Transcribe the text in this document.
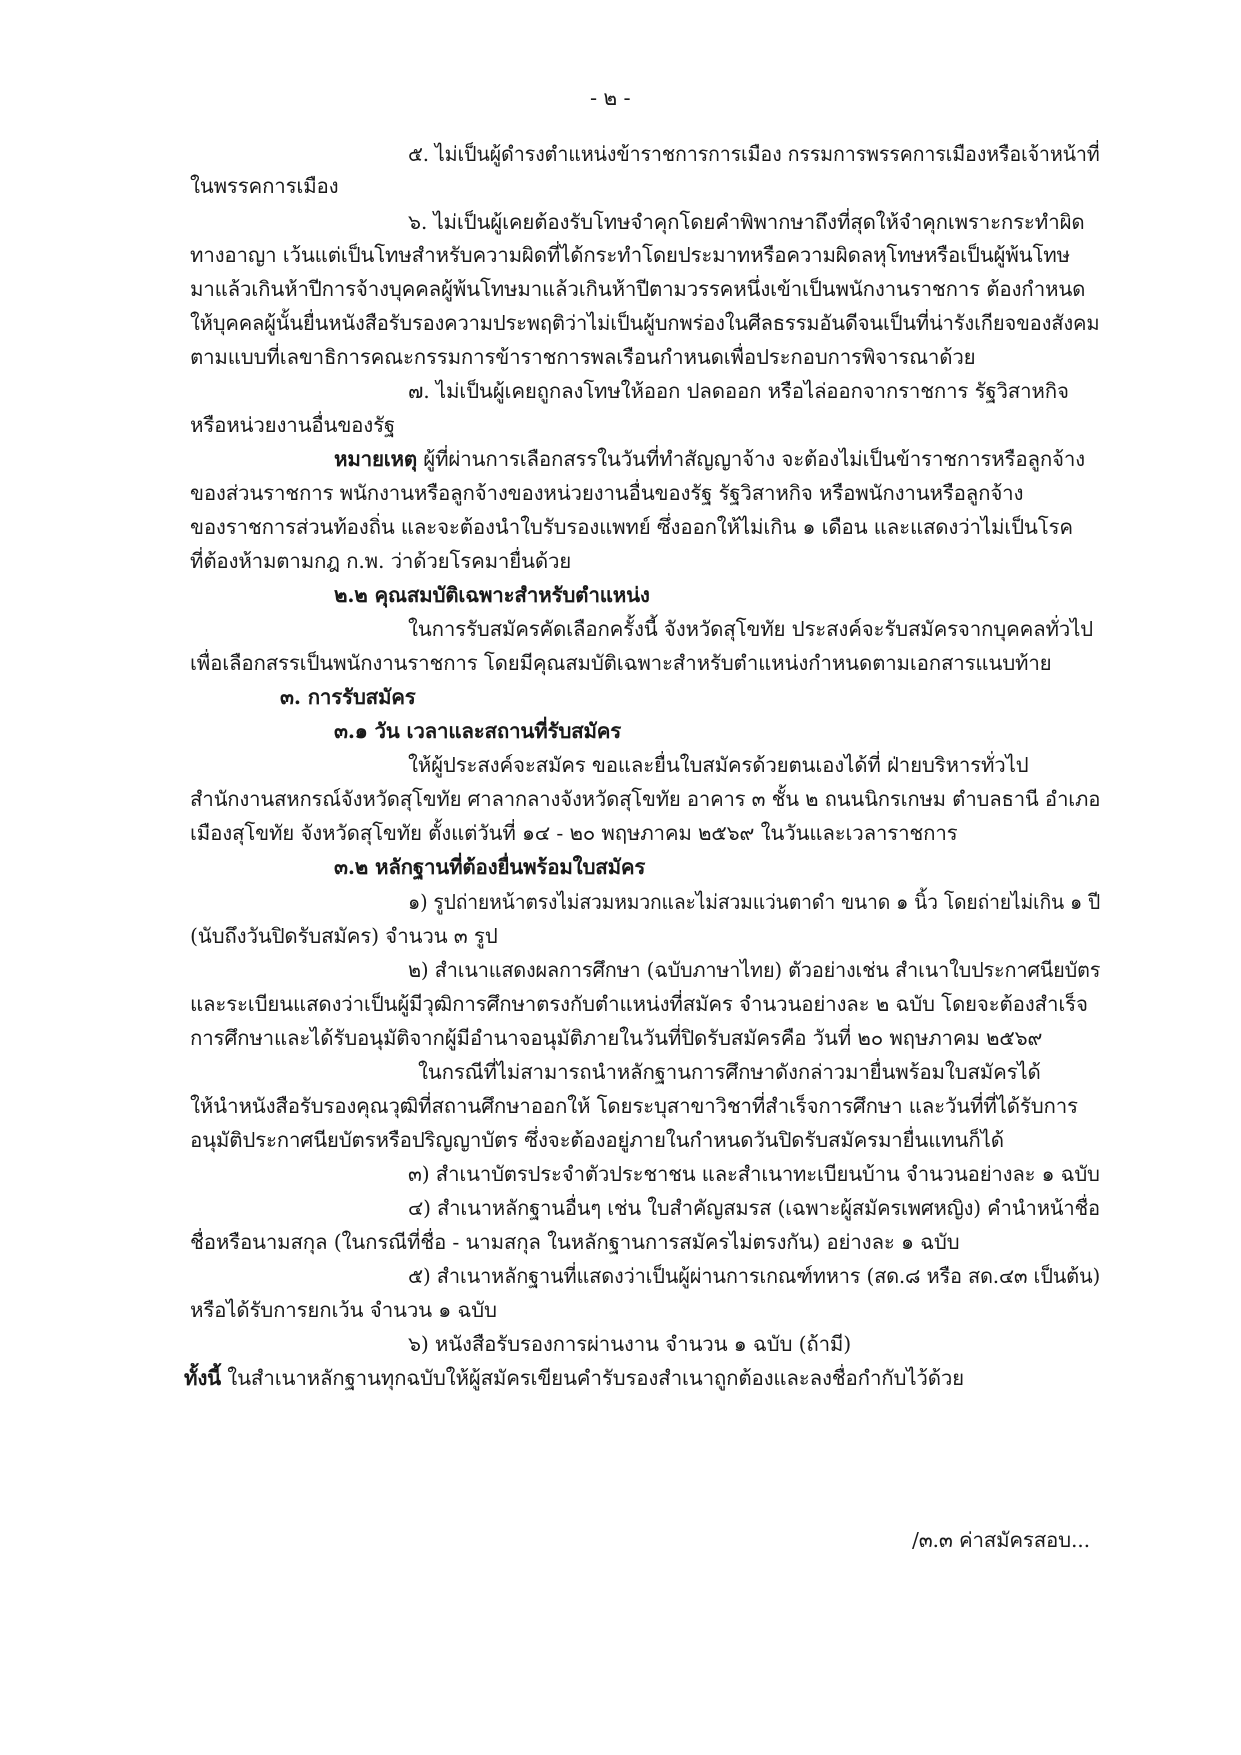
- ๒ -
๕. ไม่เป็นผู้ดำรงตำแหน่งข้าราชการการเมือง กรรมการพรรคการเมืองหรือเจ้าหน้าที่
ในพรรคการเมือง
๖. ไม่เป็นผู้เคยต้องรับโทษจำคุกโดยคำพิพากษาถึงที่สุดให้จำคุกเพราะกระทำผิด
ทางอาญา เว้นแต่เป็นโทษสำหรับความผิดที่ได้กระทำโดยประมาทหรือความผิดลหุโทษหรือเป็นผู้พ้นโทษ
มาแล้วเกินห้าปีการจ้างบุคคลผู้พ้นโทษมาแล้วเกินห้าปีตามวรรคหนึ่งเข้าเป็นพนักงานราชการ ต้องกำหนด
ให้บุคคลผู้นั้นยื่นหนังสือรับรองความประพฤติว่าไม่เป็นผู้บกพร่องในศีลธรรมอันดีจนเป็นที่น่ารังเกียจของสังคม
ตามแบบที่เลขาธิการคณะกรรมการข้าราชการพลเรือนกำหนดเพื่อประกอบการพิจารณาด้วย
๗. ไม่เป็นผู้เคยถูกลงโทษให้ออก ปลดออก หรือไล่ออกจากราชการ รัฐวิสาหกิจ
หรือหน่วยงานอื่นของรัฐ
หมายเหตุ ผู้ที่ผ่านการเลือกสรรในวันที่ทำสัญญาจ้าง จะต้องไม่เป็นข้าราชการหรือลูกจ้าง
ของส่วนราชการ พนักงานหรือลูกจ้างของหน่วยงานอื่นของรัฐ รัฐวิสาหกิจ หรือพนักงานหรือลูกจ้าง
ของราชการส่วนท้องถิ่น และจะต้องนำใบรับรองแพทย์ ซึ่งออกให้ไม่เกิน ๑ เดือน และแสดงว่าไม่เป็นโรค
ที่ต้องห้ามตามกฎ ก.พ. ว่าด้วยโรคมายื่นด้วย
๒.๒ คุณสมบัติเฉพาะสำหรับตำแหน่ง
ในการรับสมัครคัดเลือกครั้งนี้ จังหวัดสุโขทัย ประสงค์จะรับสมัครจากบุคคลทั่วไป
เพื่อเลือกสรรเป็นพนักงานราชการ โดยมีคุณสมบัติเฉพาะสำหรับตำแหน่งกำหนดตามเอกสารแนบท้าย
๓. การรับสมัคร
๓.๑ วัน เวลาและสถานที่รับสมัคร
ให้ผู้ประสงค์จะสมัคร ขอและยื่นใบสมัครด้วยตนเองได้ที่ ฝ่ายบริหารทั่วไป
สำนักงานสหกรณ์จังหวัดสุโขทัย ศาลากลางจังหวัดสุโขทัย อาคาร ๓ ชั้น ๒ ถนนนิกรเกษม ตำบลธานี อำเภอ
เมืองสุโขทัย จังหวัดสุโขทัย ตั้งแต่วันที่ ๑๔ - ๒๐ พฤษภาคม ๒๕๖๙ ในวันและเวลาราชการ
๓.๒ หลักฐานที่ต้องยื่นพร้อมใบสมัคร
๑) รูปถ่ายหน้าตรงไม่สวมหมวกและไม่สวมแว่นตาดำ ขนาด ๑ นิ้ว โดยถ่ายไม่เกิน ๑ ปี
(นับถึงวันปิดรับสมัคร) จำนวน ๓ รูป
๒) สำเนาแสดงผลการศึกษา (ฉบับภาษาไทย) ตัวอย่างเช่น สำเนาใบประกาศนียบัตร
และระเบียนแสดงว่าเป็นผู้มีวุฒิการศึกษาตรงกับตำแหน่งที่สมัคร จำนวนอย่างละ ๒ ฉบับ โดยจะต้องสำเร็จ
การศึกษาและได้รับอนุมัติจากผู้มีอำนาจอนุมัติภายในวันที่ปิดรับสมัครคือ วันที่ ๒๐ พฤษภาคม ๒๕๖๙
ในกรณีที่ไม่สามารถนำหลักฐานการศึกษาดังกล่าวมายื่นพร้อมใบสมัครได้
ให้นำหนังสือรับรองคุณวุฒิที่สถานศึกษาออกให้ โดยระบุสาขาวิชาที่สำเร็จการศึกษา และวันที่ที่ได้รับการ
อนุมัติประกาศนียบัตรหรือปริญญาบัตร ซึ่งจะต้องอยู่ภายในกำหนดวันปิดรับสมัครมายื่นแทนก็ได้
๓) สำเนาบัตรประจำตัวประชาชน และสำเนาทะเบียนบ้าน จำนวนอย่างละ ๑ ฉบับ
๔) สำเนาหลักฐานอื่นๆ เช่น ใบสำคัญสมรส (เฉพาะผู้สมัครเพศหญิง) คำนำหน้าชื่อ
ชื่อหรือนามสกุล (ในกรณีที่ชื่อ - นามสกุล ในหลักฐานการสมัครไม่ตรงกัน) อย่างละ ๑ ฉบับ
๕) สำเนาหลักฐานที่แสดงว่าเป็นผู้ผ่านการเกณฑ์ทหาร (สด.๘ หรือ สด.๔๓ เป็นต้น)
หรือได้รับการยกเว้น จำนวน ๑ ฉบับ
๖) หนังสือรับรองการผ่านงาน จำนวน ๑ ฉบับ (ถ้ามี)
ทั้งนี้ ในสำเนาหลักฐานทุกฉบับให้ผู้สมัครเขียนคำรับรองสำเนาถูกต้องและลงชื่อกำกับไว้ด้วย
/๓.๓ ค่าสมัครสอบ...
